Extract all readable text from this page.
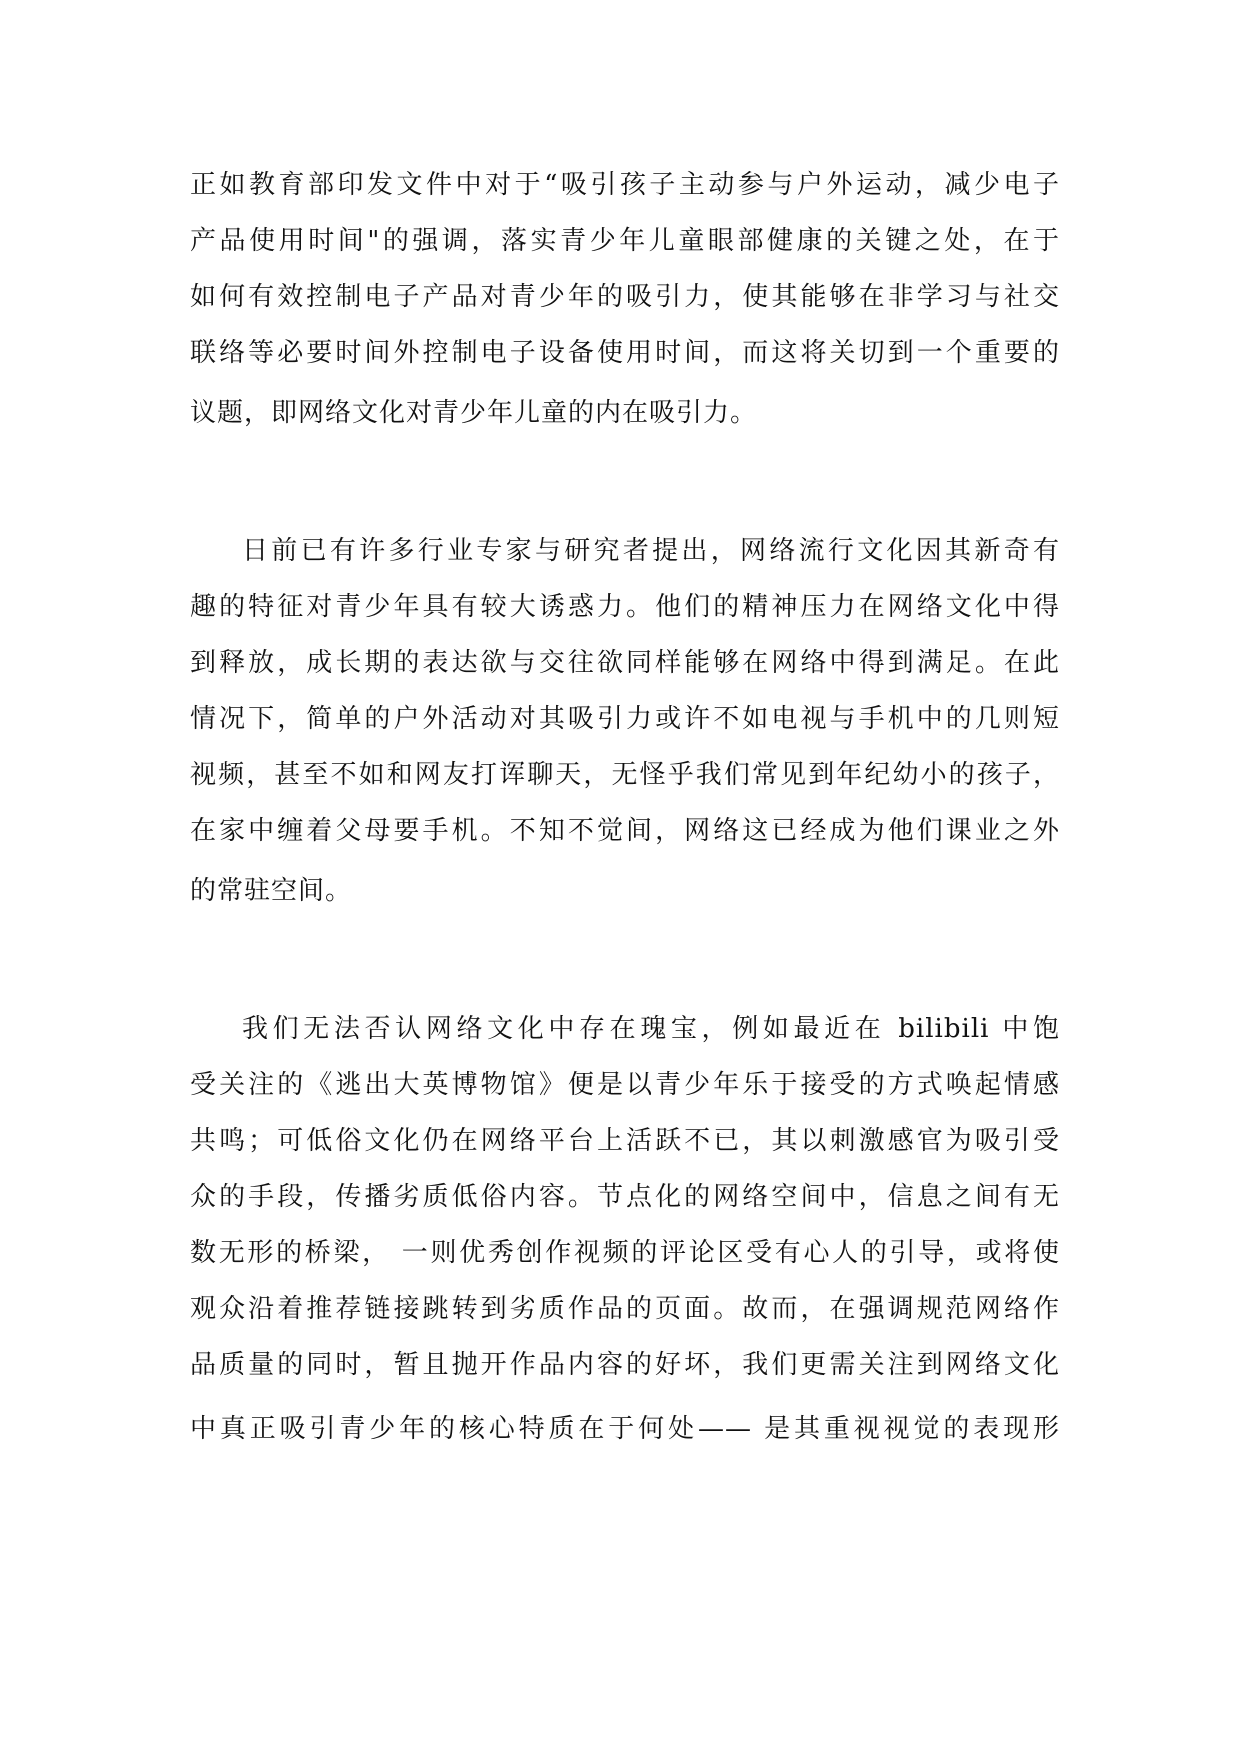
正如教育部印发文件中对于“吸引孩子主动参与户外运动，减少电子
产品使用时间"的强调，落实青少年儿童眼部健康的关键之处，在于
如何有效控制电子产品对青少年的吸引力，使其能够在非学习与社交
联络等必要时间外控制电子设备使用时间，而这将关切到一个重要的
议题，即网络文化对青少年儿童的内在吸引力。
日前已有许多行业专家与研究者提出，网络流行文化因其新奇有
趣的特征对青少年具有较大诱惑力。他们的精神压力在网络文化中得
到释放，成长期的表达欲与交往欲同样能够在网络中得到满足。在此
情况下，简单的户外活动对其吸引力或许不如电视与手机中的几则短
视频，甚至不如和网友打诨聊天，无怪乎我们常见到年纪幼小的孩子，
在家中缠着父母要手机。不知不觉间，网络这已经成为他们课业之外
的常驻空间。
我们无法否认网络文化中存在瑰宝，例如最近在 bilibili 中饱
受关注的《逃出大英博物馆》便是以青少年乐于接受的方式唤起情感
共鸣；可低俗文化仍在网络平台上活跃不已，其以刺激感官为吸引受
众的手段，传播劣质低俗内容。节点化的网络空间中，信息之间有无
数无形的桥梁， 一则优秀创作视频的评论区受有心人的引导，或将使
观众沿着推荐链接跳转到劣质作品的页面。故而，在强调规范网络作
品质量的同时，暂且抛开作品内容的好坏，我们更需关注到网络文化
中真正吸引青少年的核心特质在于何处—— 是其重视视觉的表现形
